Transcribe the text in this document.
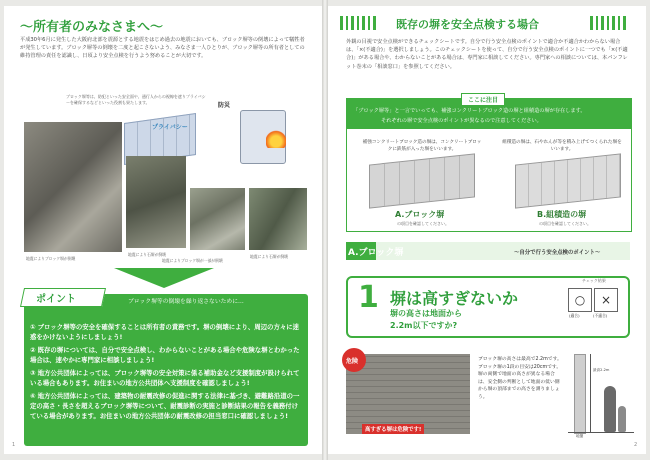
～所有者のみなさまへ～
平成30年6月に発生した大阪府北部を震源とする地震をはじめ過去の地震においても、ブロック塀等の倒壊によって犠牲者が発生しています。ブロック塀等の倒壊を二度と起こさないよう、みなさま一人ひとりが、ブロック塀等の所有者としての維持管理の責任を認識し、日頃より安全点検を行うよう努めることが大切です。
ブロック塀等は、防犯といった安全面や、通行人からの視線を遮りプライバシーを確保するなどといった役割も果たします。
プライバシー
防災
地震によりブロック塀が倒壊
地震により石塀が倒壊
地震によりブロック塀が一部が倒壊
地震により石塀が倒壊
ポイント	ブロック塀等の倒壊を繰り返さないために…
① ブロック塀等の安全を確保することは所有者の責務です。塀の倒壊により、周辺の方々に迷惑をかけないようにしましょう!
② 既存の塀については、自分で安全点検し、わからないことがある場合や危険な塀とわかった場合は、速やかに専門家に相談しましょう!
③ 地方公共団体によっては、ブロック塀等の安全対策に係る補助金など支援制度が設けられている場合もあります。お住まいの地方公共団体へ支援制度を確認しましょう!
④ 地方公共団体によっては、建築物の耐震改修の促進に関する法律に基づき、避難路沿道の一定の高さ・長さを超えるブロック塀等について、耐震診断の実施と診断結果の報告を義務付けている場合があります。お住まいの地方公共団体の耐震改修の担当窓口に確認しましょう!
1
既存の塀を安全点検する場合
外観の目視で安全点検ができるチェックシートです。自分で行う安全点検のポイントで適合か不適合かわからない場合は、「×(不適合)」を選択しましょう。このチェックシートを使って、自分で行う安全点検のポイントに一つでも「×(不適合)」がある場合や、わからないことがある場合は、専門家に相談してください。専門家への相談については、本パンフレット巻末の「相談窓口」を参照してください。
ここに注目
「ブロック塀等」と一言でいっても、補強コンクリートブロック造の塀と組積造の塀が存在します。
それぞれの塀で安全点検のポイントが異なるので注意してください。
補強コンクリートブロック造の塀は、コンクリートブロックに鉄筋が入った塀をいいます。
組積造の塀は、石やれんが等を積み上げてつくられた塀をいいます。
A.ブロック塀	B.組積造の塀
の項目を確認してください。	の項目を確認してください。
A.ブロック塀	～自分で行う安全点検のポイント～
1 塀は高すぎないか
塀の高さは地面から
2.2m以下ですか?
チェック結果
○	×
(適合)	(不適合)
危険
高すぎる塀は危険です!
ブロック塀の高さは最高で2.2mです。ブロック塀の1段の目安は20cmです。塀の両側で地面の高さが異なる場合は、安全側の判断として地面の低い側から塀の頂部までの高さを測りましょう。
最高2.2m
地盤
2
